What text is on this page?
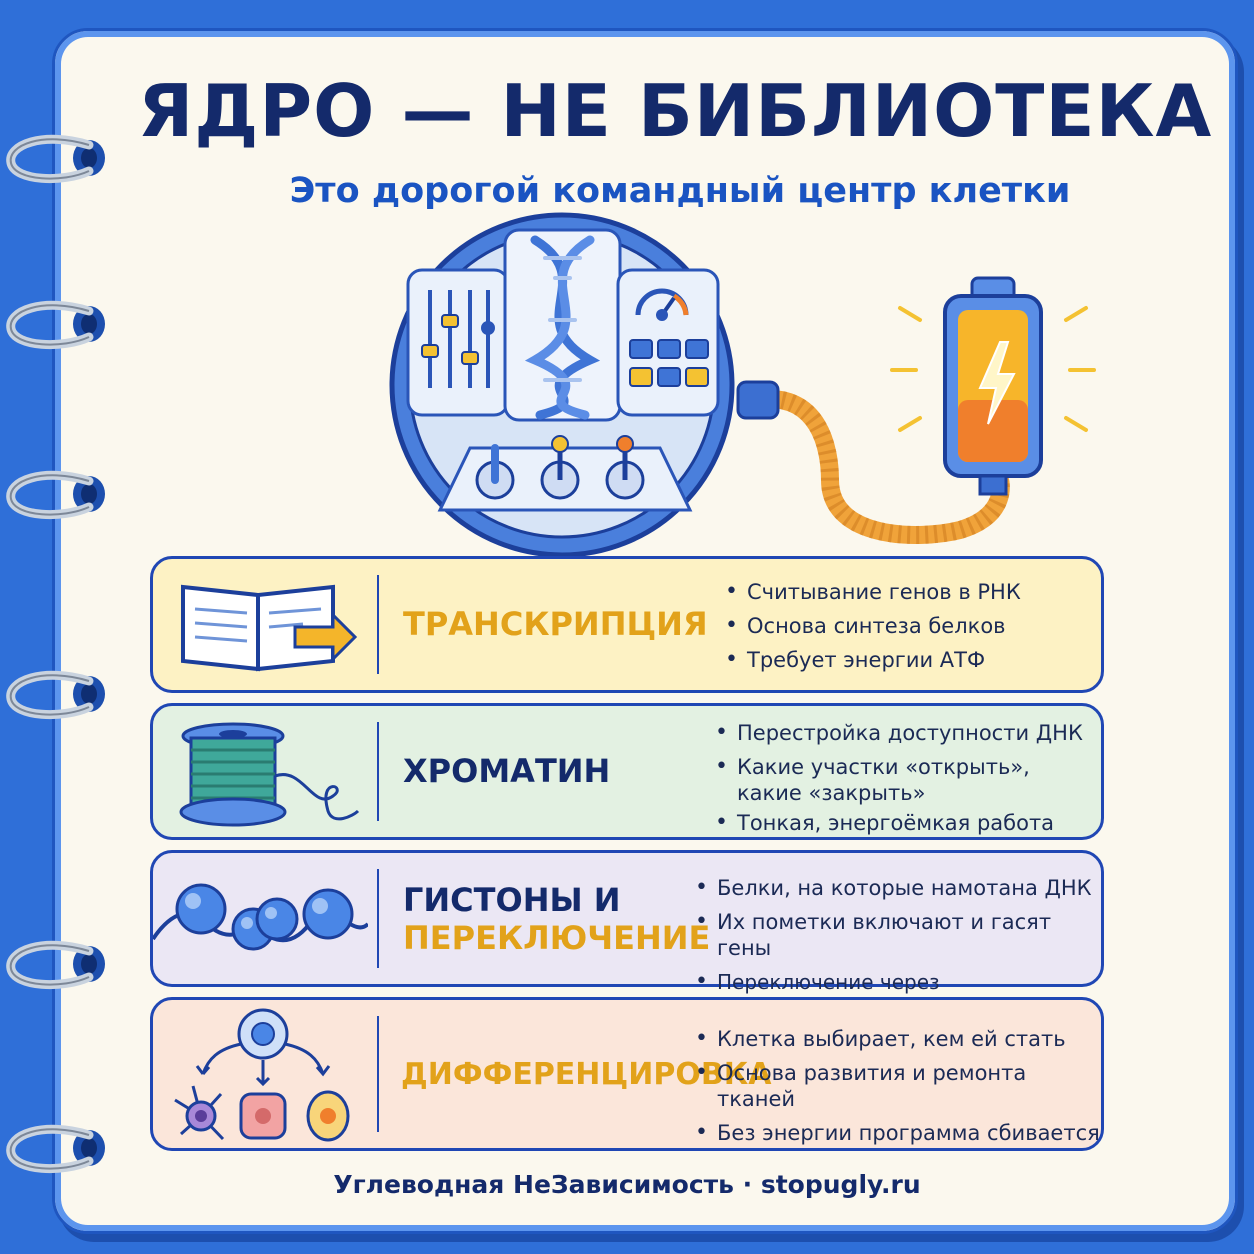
ЯДРО — НЕ БИБЛИОТЕКА
Это дорогой командный центр клетки
ТРАНСКРИПЦИЯ
• Считывание генов в РНК
• Основа синтеза белков
• Требует энергии АТФ
ХРОМАТИН
• Перестройка доступности ДНК
• Какие участки «открыть», какие «закрыть»
• Тонкая, энергоёмкая работа
ГИСТОНЫ И
ПЕРЕКЛЮЧЕНИЕ
• Белки, на которые намотана ДНК
• Их пометки включают и гасят гены
• Переключение через
ДИФФЕРЕНЦИРОВКА
• Клетка выбирает, кем ей стать
• Основа развития и ремонта тканей
• Без энергии программа сбивается
Углеводная НеЗависимость · stopugly.ru
